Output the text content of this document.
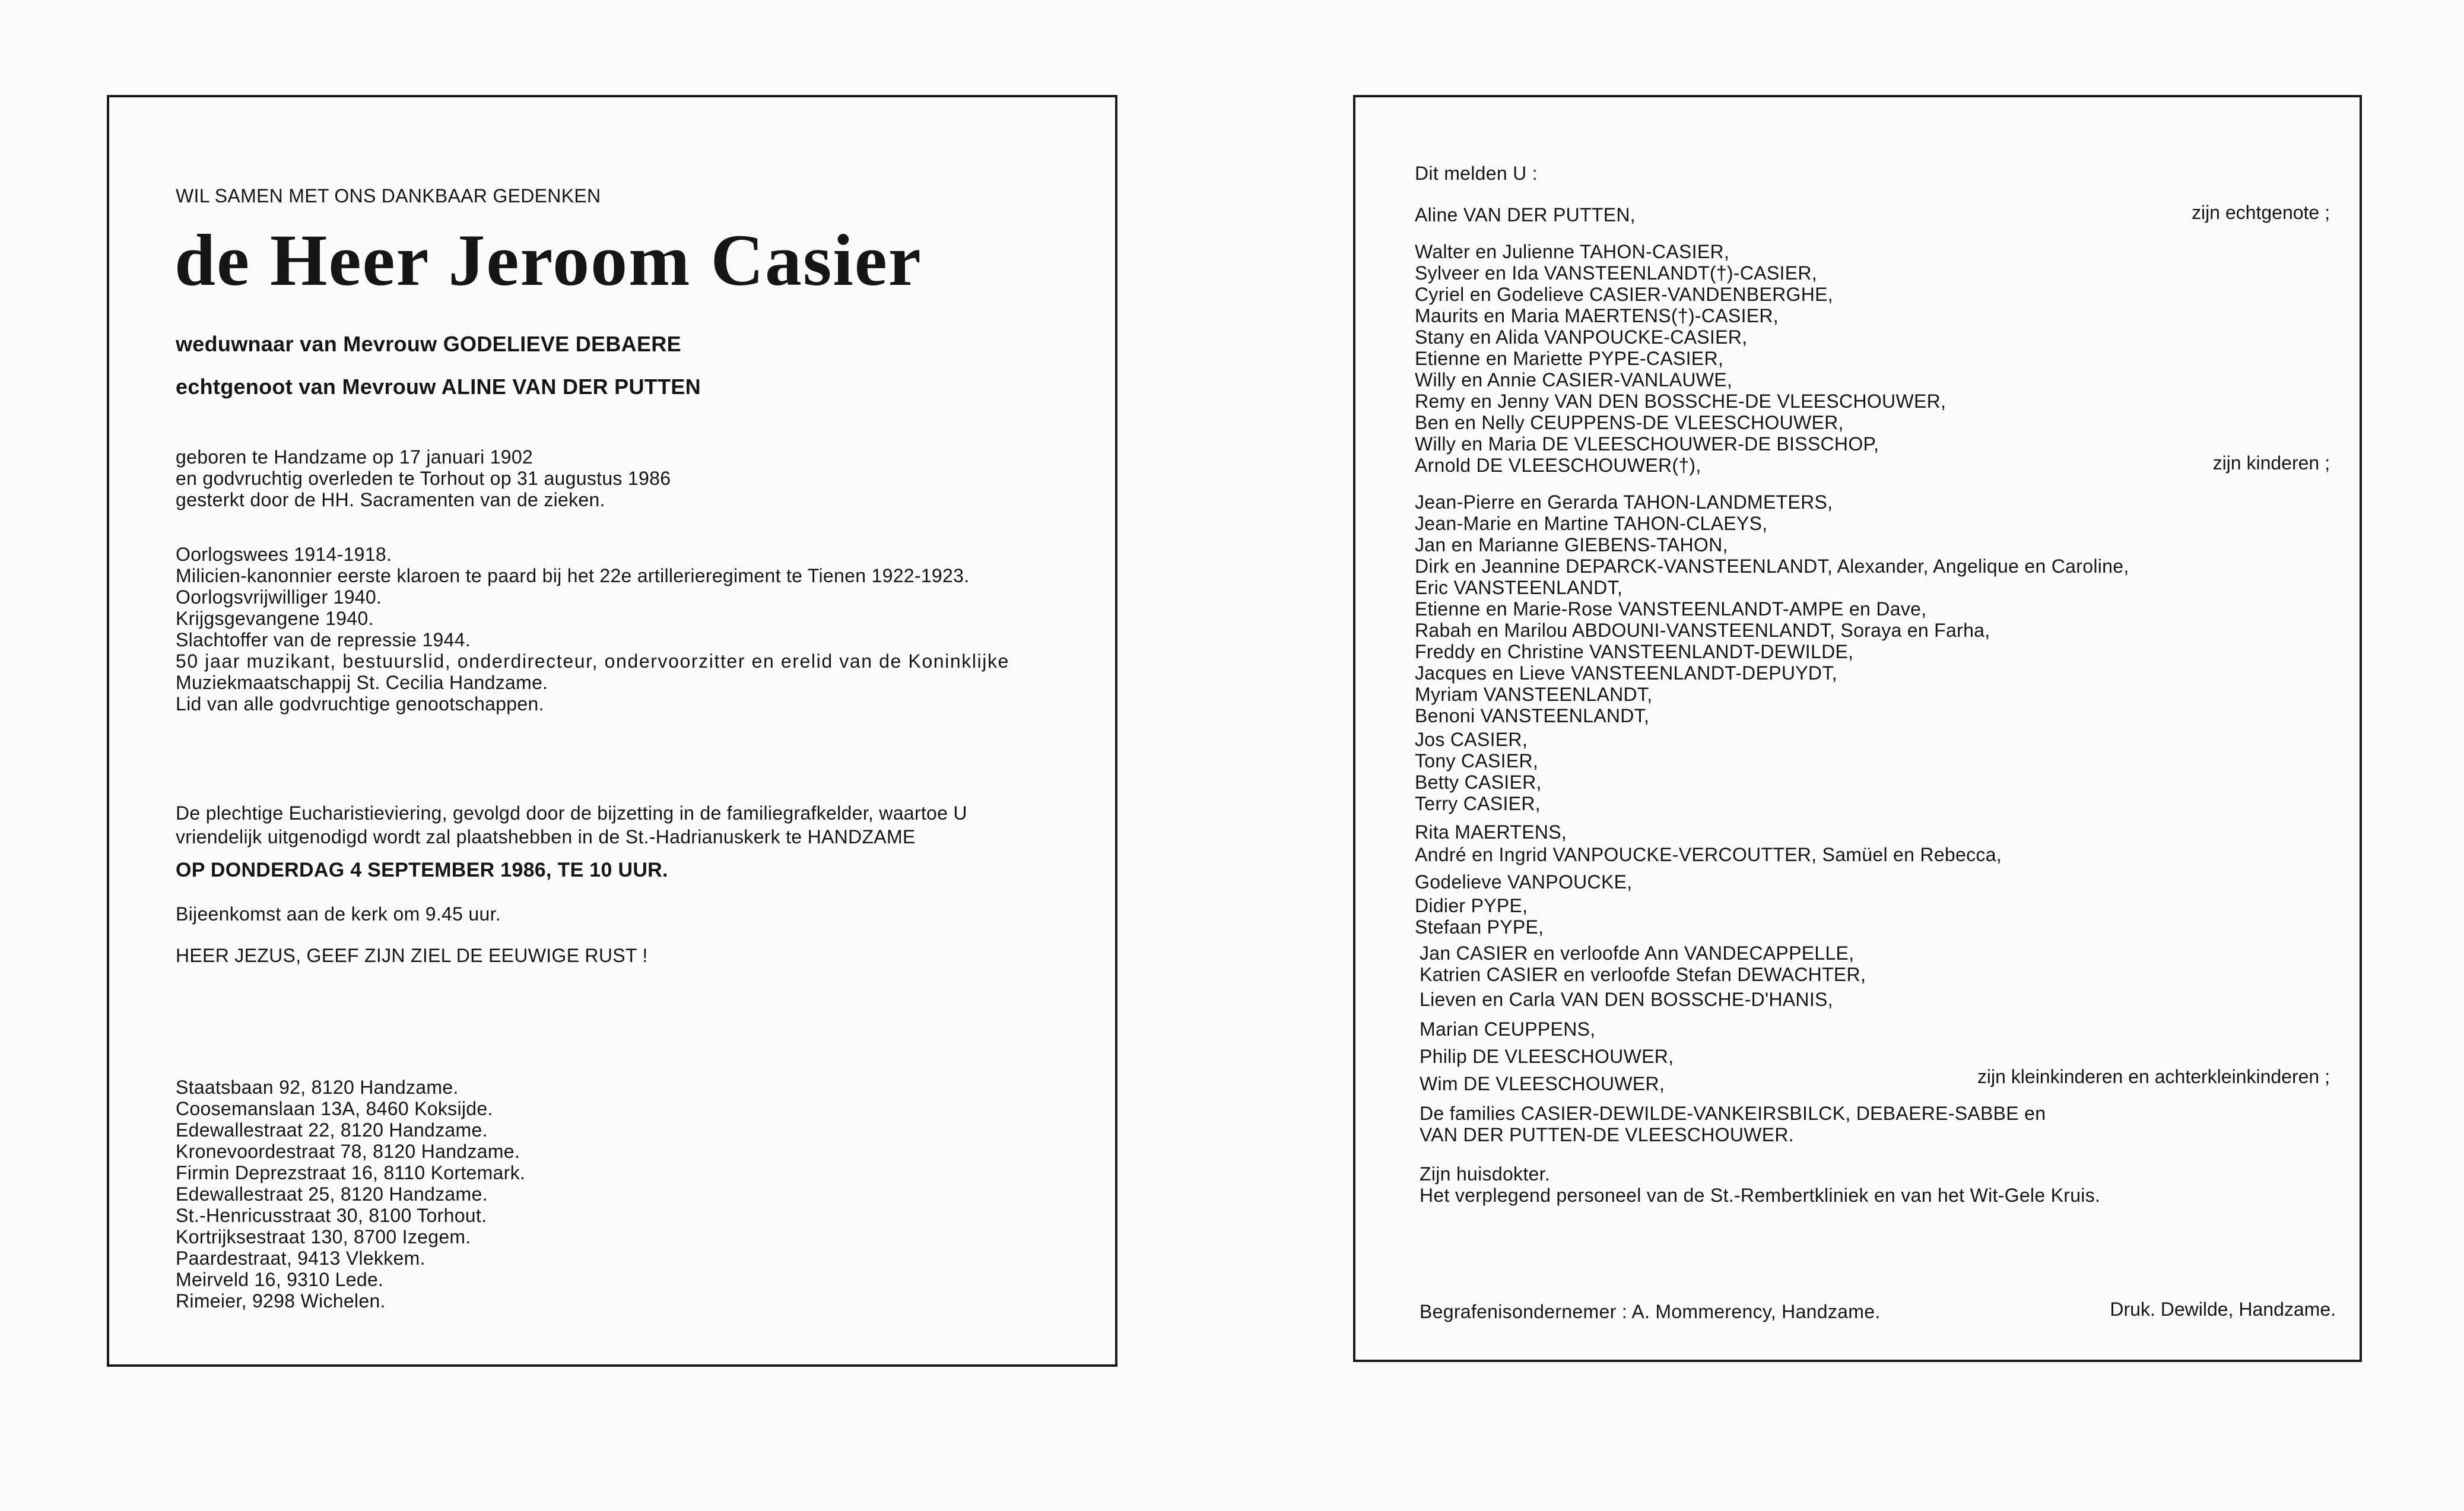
WIL SAMEN MET ONS DANKBAAR GEDENKEN
de Heer Jeroom Casier
weduwnaar van Mevrouw GODELIEVE DEBAERE
echtgenoot van Mevrouw ALINE VAN DER PUTTEN
geboren te Handzame op 17 januari 1902
en godvruchtig overleden te Torhout op 31 augustus 1986
gesterkt door de HH. Sacramenten van de zieken.
Oorlogswees 1914-1918.
Milicien-kanonnier eerste klaroen te paard bij het 22e artillerieregiment te Tienen 1922-1923.
Oorlogsvrijwilliger 1940.
Krijgsgevangene 1940.
Slachtoffer van de repressie 1944.
50 jaar muzikant, bestuurslid, onderdirecteur, ondervoorzitter en erelid van de Koninklijke
Muziekmaatschappij St. Cecilia Handzame.
Lid van alle godvruchtige genootschappen.
De plechtige Eucharistieviering, gevolgd door de bijzetting in de familiegrafkelder, waartoe U
vriendelijk uitgenodigd wordt zal plaatshebben in de St.-Hadrianuskerk te HANDZAME
OP DONDERDAG 4 SEPTEMBER 1986, TE 10 UUR.
Bijeenkomst aan de kerk om 9.45 uur.
HEER JEZUS, GEEF ZIJN ZIEL DE EEUWIGE RUST !
Staatsbaan 92, 8120 Handzame.
Coosemanslaan 13A, 8460 Koksijde.
Edewallestraat 22, 8120 Handzame.
Kronevoordestraat 78, 8120 Handzame.
Firmin Deprezstraat 16, 8110 Kortemark.
Edewallestraat 25, 8120 Handzame.
St.-Henricusstraat 30, 8100 Torhout.
Kortrijksestraat 130, 8700 Izegem.
Paardestraat, 9413 Vlekkem.
Meirveld 16, 9310 Lede.
Rimeier, 9298 Wichelen.
Dit melden U :
Aline VAN DER PUTTEN,	zijn echtgenote ;
Walter en Julienne TAHON-CASIER,
Sylveer en Ida VANSTEENLANDT(†)-CASIER,
Cyriel en Godelieve CASIER-VANDENBERGHE,
Maurits en Maria MAERTENS(†)-CASIER,
Stany en Alida VANPOUCKE-CASIER,
Etienne en Mariette PYPE-CASIER,
Willy en Annie CASIER-VANLAUWE,
Remy en Jenny VAN DEN BOSSCHE-DE VLEESCHOUWER,
Ben en Nelly CEUPPENS-DE VLEESCHOUWER,
Willy en Maria DE VLEESCHOUWER-DE BISSCHOP,
Arnold DE VLEESCHOUWER(†),	zijn kinderen ;
Jean-Pierre en Gerarda TAHON-LANDMETERS,
Jean-Marie en Martine TAHON-CLAEYS,
Jan en Marianne GIEBENS-TAHON,
Dirk en Jeannine DEPARCK-VANSTEENLANDT, Alexander, Angelique en Caroline,
Eric VANSTEENLANDT,
Etienne en Marie-Rose VANSTEENLANDT-AMPE en Dave,
Rabah en Marilou ABDOUNI-VANSTEENLANDT, Soraya en Farha,
Freddy en Christine VANSTEENLANDT-DEWILDE,
Jacques en Lieve VANSTEENLANDT-DEPUYDT,
Myriam VANSTEENLANDT,
Benoni VANSTEENLANDT,
Jos CASIER,
Tony CASIER,
Betty CASIER,
Terry CASIER,
Rita MAERTENS,
André en Ingrid VANPOUCKE-VERCOUTTER, Samüel en Rebecca,
Godelieve VANPOUCKE,
Didier PYPE,
Stefaan PYPE,
Jan CASIER en verloofde Ann VANDECAPPELLE,
Katrien CASIER en verloofde Stefan DEWACHTER,
Lieven en Carla VAN DEN BOSSCHE-D'HANIS,
Marian CEUPPENS,
Philip DE VLEESCHOUWER,
Wim DE VLEESCHOUWER,	zijn kleinkinderen en achterkleinkinderen ;
De families CASIER-DEWILDE-VANKEIRSBILCK, DEBAERE-SABBE en
VAN DER PUTTEN-DE VLEESCHOUWER.
Zijn huisdokter.
Het verplegend personeel van de St.-Rembertkliniek en van het Wit-Gele Kruis.
Begrafenisondernemer : A. Mommerency, Handzame.	Druk. Dewilde, Handzame.
